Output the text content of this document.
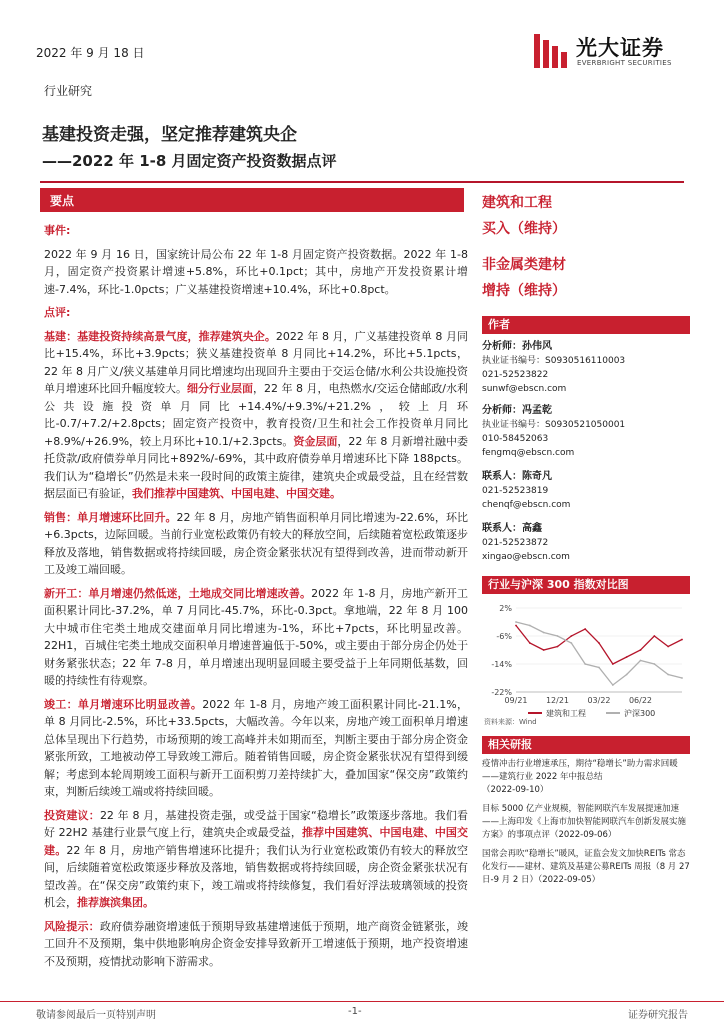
2022 年 9 月 18 日	光大证券
EVERBRIGHT SECURITIES
行业研究
基建投资走强，坚定推荐建筑央企
——2022 年 1-8 月固定资产投资数据点评
要点

事件:

2022 年 9 月 16 日，国家统计局公布 22 年 1-8 月固定资产投资数据。2022 年 1-8 月，固定资产投资累计增速+5.8%，环比+0.1pct；其中，房地产开发投资累计增速-7.4%，环比-1.0pcts；广义基建投资增速+10.4%，环比+0.8pct。

点评:

基建：基建投资持续高景气度，推荐建筑央企。2022 年 8 月，广义基建投资单 8 月同比+15.4%，环比+3.9pcts；狭义基建投资单 8 月同比+14.2%，环比+5.1pcts，22 年 8 月广义/狭义基建单月同比增速均出现回升主要由于交运仓储/水利公共设施投资单月增速环比回升幅度较大。细分行业层面，22 年 8 月，电热燃水/交运仓储邮政/水利公共设施投资单月同比+14.4%/+9.3%/+21.2%，较上月环比-0.7/+7.2/+2.8pcts；固定资产投资中，教育投资/卫生和社会工作投资单月同比+8.9%/+26.9%，较上月环比+10.1/+2.3pcts。资金层面，22 年 8 月新增社融中委托贷款/政府债券单月同比+892%/-69%，其中政府债券单月增速环比下降 188pcts。我们认为“稳增长”仍然是未来一段时间的政策主旋律，建筑央企或最受益，且在经营数据层面已有验证，我们推荐中国建筑、中国电建、中国交建。

销售：单月增速环比回升。22 年 8 月，房地产销售面积单月同比增速为-22.6%，环比+6.3pcts，边际回暖。当前行业宽松政策仍有较大的释放空间，后续随着宽松政策逐步释放及落地，销售数据或将持续回暖，房企资金紧张状况有望得到改善，进而带动新开工及竣工端回暖。

新开工：单月增速仍然低迷，土地成交同比增速改善。2022 年 1-8 月，房地产新开工面积累计同比-37.2%，单 7 月同比-45.7%，环比-0.3pct。拿地端，22 年 8 月 100 大中城市住宅类土地成交建面单月同比增速为-1%，环比+7pcts，环比明显改善。22H1，百城住宅类土地成交面积单月增速普遍低于-50%，或主要由于部分房企仍处于财务紧张状态；22 年 7-8 月，单月增速出现明显回暖主要受益于上年同期低基数，回暖的持续性有待观察。

竣工：单月增速环比明显改善。2022 年 1-8 月，房地产竣工面积累计同比-21.1%，单 8 月同比-2.5%，环比+33.5pcts，大幅改善。今年以来，房地产竣工面积单月增速总体呈现出下行趋势，市场预期的竣工高峰并未如期而至，判断主要由于部分房企资金紧张所致，工地被动停工导致竣工滞后。随着销售回暖，房企资金紧张状况有望得到缓解；考虑到本轮周期竣工面积与新开工面积剪刀差持续扩大，叠加国家“保交房”政策约束，判断后续竣工端或将持续回暖。

投资建议：22 年 8 月，基建投资走强，或受益于国家“稳增长”政策逐步落地。我们看好 22H2 基建行业景气度上行，建筑央企或最受益，推荐中国建筑、中国电建、中国交建。22 年 8 月，房地产销售增速环比提升；我们认为行业宽松政策仍有较大的释放空间，后续随着宽松政策逐步释放及落地，销售数据或将持续回暖，房企资金紧张状况有望改善。在“保交房”政策约束下，竣工端或将持续修复，我们看好浮法玻璃领域的投资机会，推荐旗滨集团。

风险提示：政府债券融资增速低于预期导致基建增速低于预期，地产商资金链紧张，竣工回升不及预期，集中供地影响房企资金安排导致新开工增速低于预期，地产投资增速不及预期，疫情扰动影响下游需求。

建筑和工程
买入（维持）
非金属类建材
增持（维持）
作者
分析师：孙伟风
执业证书编号：S0930516110003
021-52523822
sunwf@ebscn.com
分析师：冯孟乾
执业证书编号：S0930521050001
010-58452063
fengmq@ebscn.com
联系人：陈奇凡
021-52523819
chenqf@ebscn.com
联系人：高鑫
021-52523872
xingao@ebscn.com
行业与沪深 300 指数对比图
2%
-6%
-14%
-22%
09/21 12/21 03/22 06/22
建筑和工程	沪深300
资料来源：Wind
相关研报
疫情冲击行业增速承压，期待“稳增长”助力需求回暖——建筑行业 2022 年中报总结
（2022-09-10）
目标 5000 亿产业规模，智能网联汽车发展提速加速——上海印发《上海市加快智能网联汽车创新发展实施方案》的事项点评（2022-09-06）
国常会再吹“稳增长”暖风，证监会发文加快REITs 常态化发行——建材、建筑及基建公募REITs 周报（8 月 27 日-9 月 2 日）（2022-09-05）
敬请参阅最后一页特别声明	-1-	证券研究报告
